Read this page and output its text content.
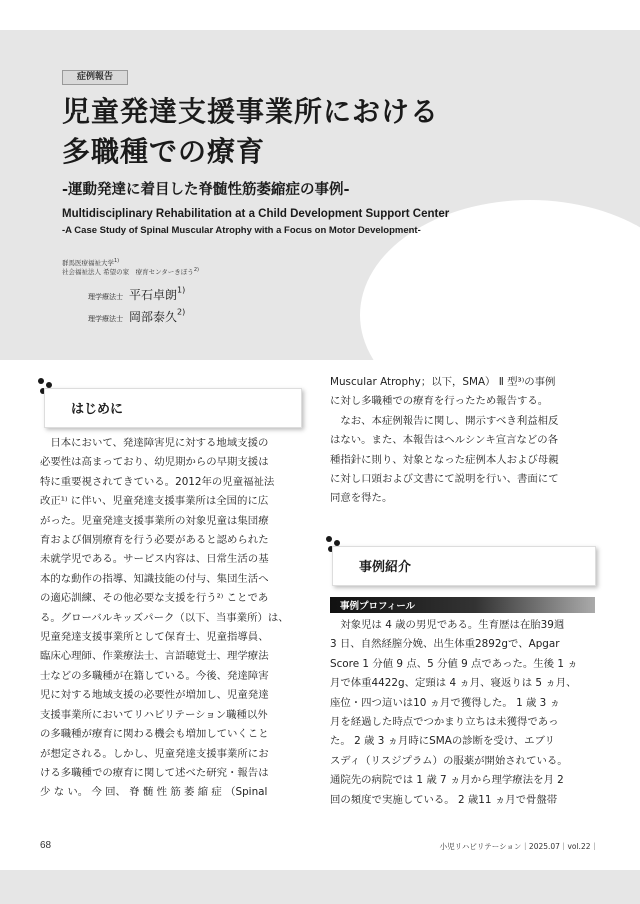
症例報告
児童発達支援事業所における
多職種での療育
-運動発達に着目した脊髄性筋萎縮症の事例-
Multidisciplinary Rehabilitation at a Child Development Support Center
-A Case Study of Spinal Muscular Atrophy with a Focus on Motor Development-
群馬医療福祉大学$^{1)}$
社会福祉法人 希望の家　療育センターきぼう$^{2)}$
理学療法士 平石卓朗$^{1)}$
理学療法士 岡部泰久$^{2)}$
はじめに
　日本において、発達障害児に対する地域支援の
必要性は高まっており、幼児期からの早期支援は
特に重要視されてきている。2012年の児童福祉法
改正¹⁾ に伴い、児童発達支援事業所は全国的に広
がった。児童発達支援事業所の対象児童は集団療
育および個別療育を行う必要があると認められた
未就学児である。サービス内容は、日常生活の基
本的な動作の指導、知識技能の付与、集団生活へ
の適応訓練、その他必要な支援を行う²⁾ ことであ
る。グローバルキッズパーク（以下、当事業所）は、
児童発達支援事業所として保育士、児童指導員、
臨床心理師、作業療法士、言語聴覚士、理学療法
士などの多職種が在籍している。今後、発達障害
児に対する地域支援の必要性が増加し、児童発達
支援事業所においてリハビリテーション職種以外
の多職種が療育に関わる機会も増加していくこと
が想定される。しかし、児童発達支援事業所にお
ける多職種での療育に関して述べた研究・報告は
少 な い。 今 回、 脊 髄 性 筋 萎 縮 症 （Spinal
Muscular Atrophy；以下，SMA） Ⅱ 型³⁾の事例
に対し多職種での療育を行ったため報告する。
　なお、本症例報告に関し、開示すべき利益相反
はない。また、本報告はヘルシンキ宣言などの各
種指針に則り、対象となった症例本人および母親
に対し口頭および文書にて説明を行い、書面にて
同意を得た。
事例紹介
事例プロフィール
　対象児は 4 歳の男児である。生育歴は在胎39週
3 日、自然経膣分娩、出生体重2892gで、Apgar
Score 1 分値 9 点、5 分値 9 点であった。生後 1 ヵ
月で体重4422g、定頸は 4 ヵ月、寝返りは 5 ヵ月、
座位・四つ這いは10 ヵ月で獲得した。 1 歳 3 ヵ
月を経過した時点でつかまり立ちは未獲得であっ
た。 2 歳 3 ヵ月時にSMAの診断を受け、エブリ
スディ（リスジプラム）の服薬が開始されている。
通院先の病院では 1 歳 7 ヵ月から理学療法を月 2
回の頻度で実施している。 2 歳11 ヵ月で骨盤帯
68	小児リハビリテーション｜2025.07｜vol.22｜
